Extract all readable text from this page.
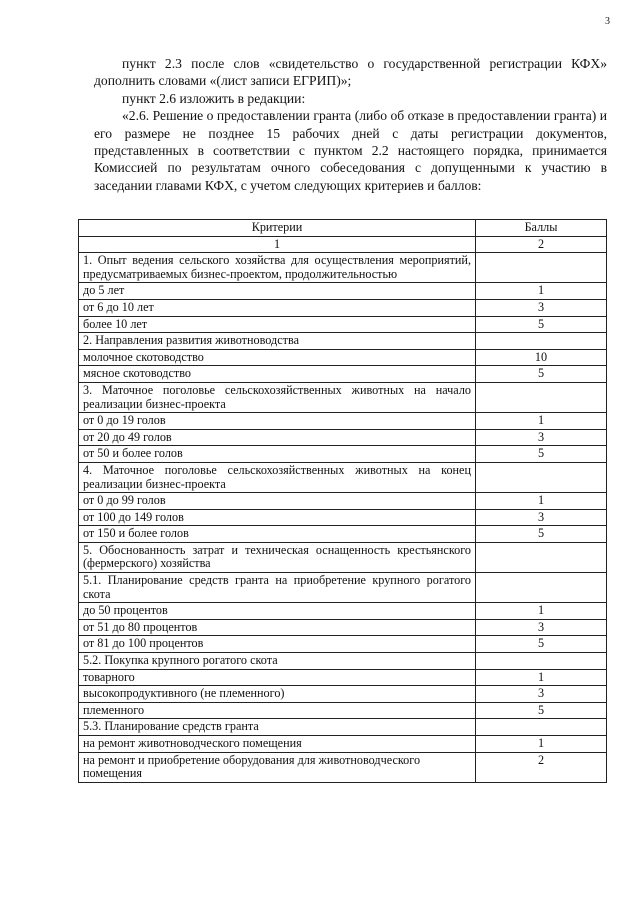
3

пункт 2.3 после слов «свидетельство о государственной регистрации КФХ» дополнить словами «(лист записи ЕГРИП)»;

пункт 2.6 изложить в редакции:

«2.6. Решение о предоставлении гранта (либо об отказе в предоставлении гранта) и его размере не позднее 15 рабочих дней с даты регистрации документов, представленных в соответствии с пунктом 2.2 настоящего порядка, принимается Комиссией по результатам очного собеседования с допущенными к участию в заседании главами КФХ, с учетом следующих критериев и баллов:

Критерии	Баллы
1	2
1. Опыт ведения сельского хозяйства для осуществления мероприятий, предусматриваемых бизнес-проектом, продолжительностью	
до 5 лет	1
от 6 до 10 лет	3
более 10 лет	5
2. Направления развития животноводства	
молочное скотоводство	10
мясное скотоводство	5
3. Маточное поголовье сельскохозяйственных животных на начало реализации бизнес-проекта	
от 0 до 19 голов	1
от 20 до 49 голов	3
от 50 и более голов	5
4. Маточное поголовье сельскохозяйственных животных на конец реализации бизнес-проекта	
от 0 до 99 голов	1
от 100 до 149 голов	3
от 150 и более голов	5
5. Обоснованность затрат и техническая оснащенность крестьянского (фермерского) хозяйства	
5.1. Планирование средств гранта на приобретение крупного рогатого скота	
до 50 процентов	1
от 51 до 80 процентов	3
от 81 до 100 процентов	5
5.2. Покупка крупного рогатого скота	
товарного	1
высокопродуктивного (не племенного)	3
племенного	5
5.3. Планирование средств гранта	
на ремонт животноводческого помещения	1
на ремонт и приобретение оборудования для животноводческого помещения	2
